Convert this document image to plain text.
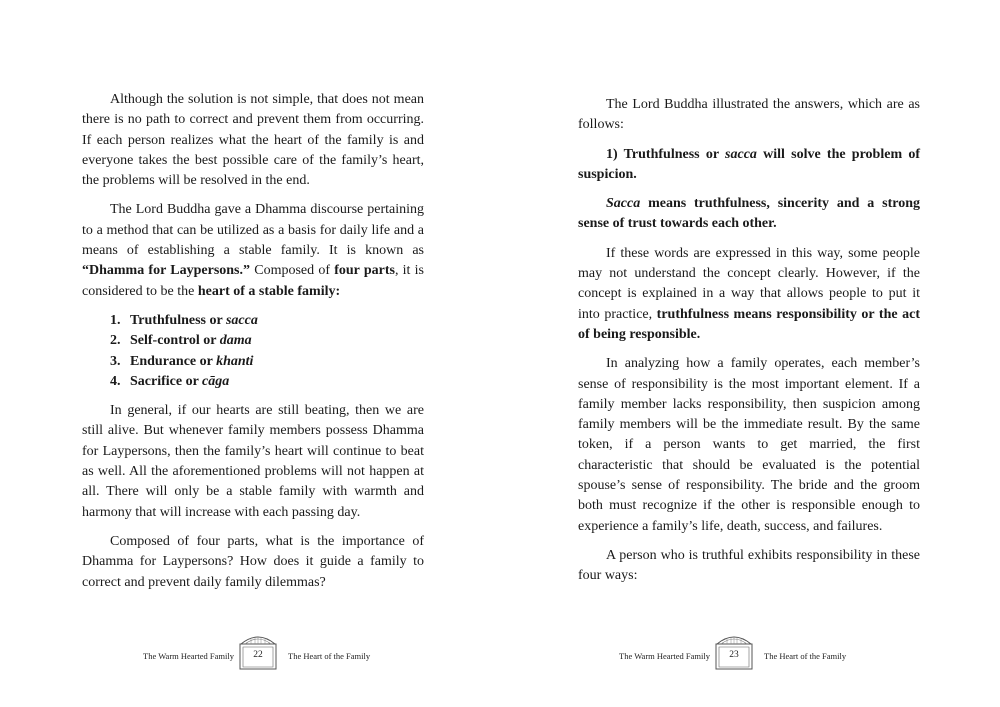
Although the solution is not simple, that does not mean there is no path to correct and prevent them from occurring. If each person realizes what the heart of the family is and everyone takes the best possible care of the family’s heart, the problems will be resolved in the end.

The Lord Buddha gave a Dhamma discourse pertaining to a method that can be utilized as a basis for daily life and a means of establishing a stable family. It is known as “Dhamma for Laypersons.” Composed of four parts, it is considered to be the heart of a stable family:

1. Truthfulness or sacca
2. Self-control or dama
3. Endurance or khanti
4. Sacrifice or cāga

In general, if our hearts are still beating, then we are still alive. But whenever family members possess Dhamma for Laypersons, then the family’s heart will continue to beat as well. All the aforementioned problems will not happen at all. There will only be a stable family with warmth and harmony that will increase with each passing day.

Composed of four parts, what is the importance of Dhamma for Laypersons? How does it guide a family to correct and prevent daily family dilemmas?

The Warm Hearted Family	22	The Heart of the Family

The Lord Buddha illustrated the answers, which are as follows:

1) Truthfulness or sacca will solve the problem of suspicion.

Sacca means truthfulness, sincerity and a strong sense of trust towards each other.

If these words are expressed in this way, some people may not understand the concept clearly. However, if the concept is explained in a way that allows people to put it into practice, truthfulness means responsibility or the act of being responsible.

In analyzing how a family operates, each member’s sense of responsibility is the most important element. If a family member lacks responsibility, then suspicion among family members will be the immediate result. By the same token, if a person wants to get married, the first characteristic that should be evaluated is the potential spouse’s sense of responsibility. The bride and the groom both must recognize if the other is responsible enough to experience a family’s life, death, success, and failures.

A person who is truthful exhibits responsibility in these four ways:

The Warm Hearted Family	23	The Heart of the Family
